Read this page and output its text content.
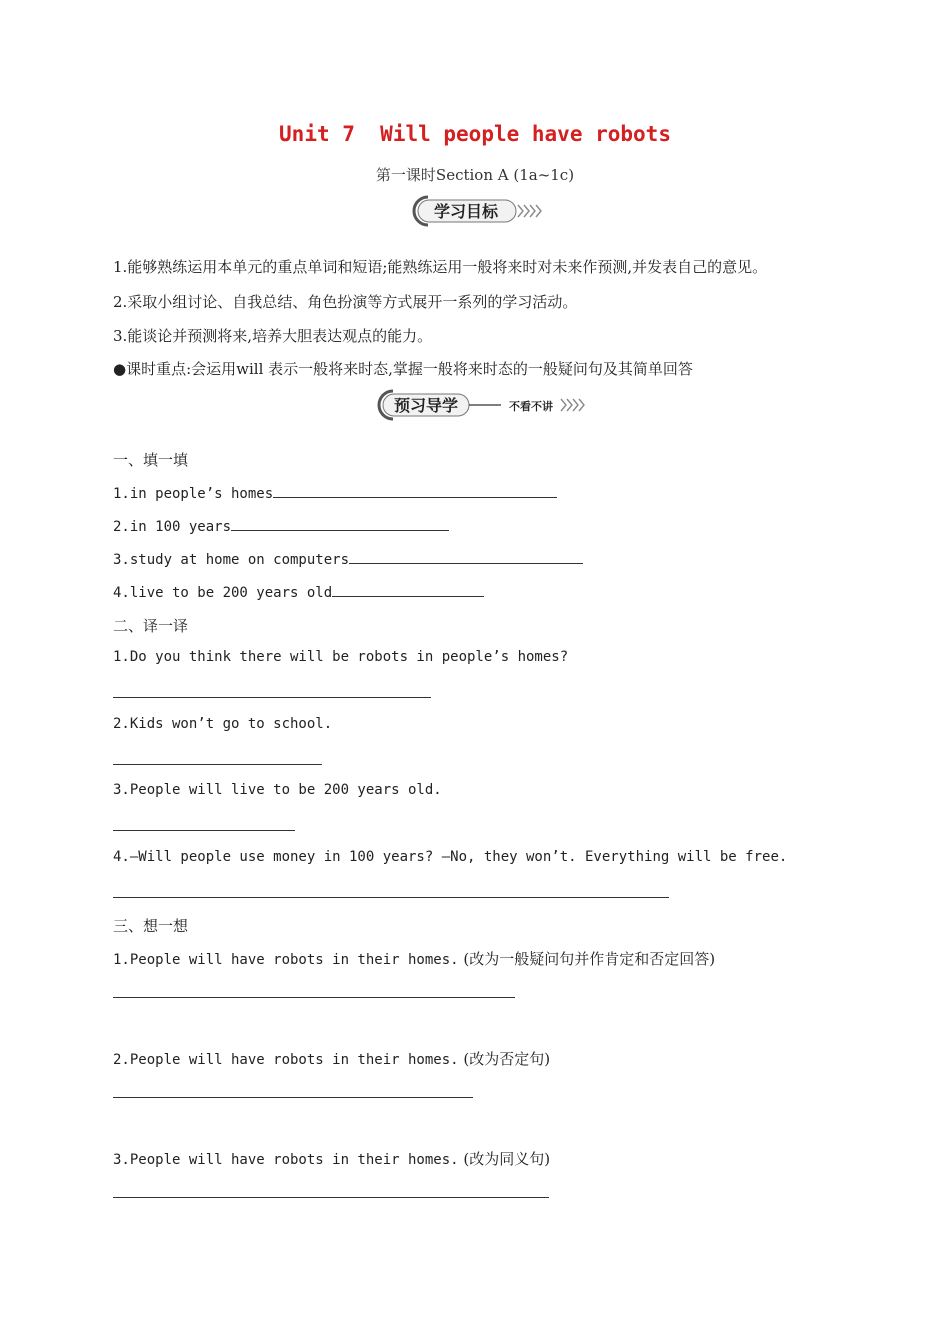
Unit 7  Will people have robots
第一课时Section A (1a~1c)
学习目标
1.能够熟练运用本单元的重点单词和短语;能熟练运用一般将来时对未来作预测,并发表自己的意见。
2.采取小组讨论、自我总结、角色扮演等方式展开一系列的学习活动。
3.能谈论并预测将来,培养大胆表达观点的能力。
●课时重点:会运用will 表示一般将来时态,掌握一般将来时态的一般疑问句及其简单回答
预习导学	不看不讲
一、填一填
1.in people’s homes
2.in 100 years
3.study at home on computers
4.live to be 200 years old
二、译一译
1.Do you think there will be robots in people’s homes?
2.Kids won’t go to school.
3.People will live to be 200 years old.
4.—Will people use money in 100 years? —No, they won’t. Everything will be free.
三、想一想
1.People will have robots in their homes. (改为一般疑问句并作肯定和否定回答)
2.People will have robots in their homes. (改为否定句)
3.People will have robots in their homes. (改为同义句)
